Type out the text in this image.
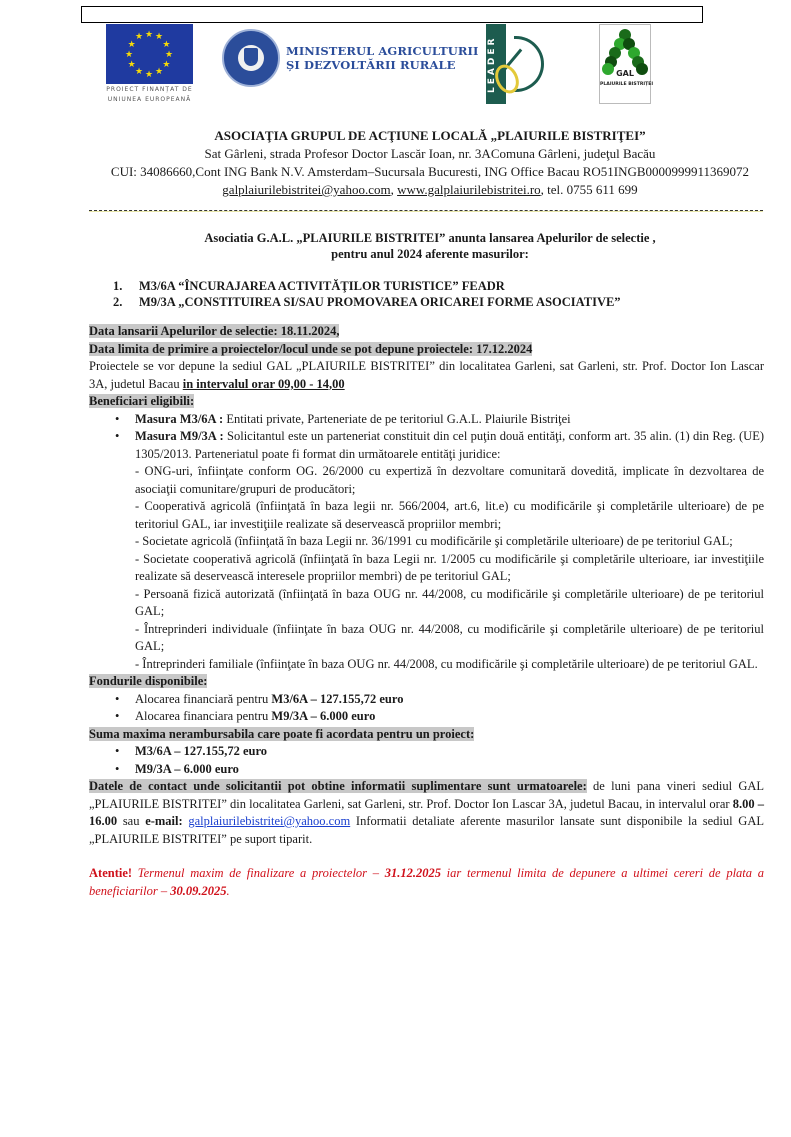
★ ★
★
★
★
★
★
★
★
★
★
★
PROIECT FINANȚAT DE
UNIUNEA EUROPEANĂ
MINISTERUL AGRICULTURII
ȘI DEZVOLTĂRII RURALE	LEADER	GAL
PLAIURILE BISTRIȚEI
ASOCIAŢIA GRUPUL DE ACŢIUNE LOCALĂ „PLAIURILE BISTRIŢEI”
Sat Gârleni, strada Profesor Doctor Lascăr Ioan, nr. 3AComuna Gârleni, judeţul Bacău
CUI: 34086660,Cont ING Bank N.V. Amsterdam–Sucursala Bucuresti, ING Office Bacau RO51INGB0000999911369072
galplaiurilebistritei@yahoo.com, www.galplaiurilebistritei.ro, tel. 0755 611 699
Asociatia G.A.L. „PLAIURILE BISTRITEI” anunta lansarea Apelurilor de selectie ,
pentru anul 2024 aferente masurilor:
1. M3/6A “ÎNCURAJAREA ACTIVITĂŢILOR TURISTICE” FEADR
2. M9/3A „CONSTITUIREA SI/SAU PROMOVAREA ORICAREI FORME ASOCIATIVE”
Data lansarii Apelurilor de selectie: 18.11.2024,
Data limita de primire a proiectelor/locul unde se pot depune proiectele: 17.12.2024
Proiectele se vor depune la sediul GAL „PLAIURILE BISTRITEI” din localitatea Garleni, sat Garleni, str. Prof. Doctor Ion Lascar 3A, judetul Bacau in intervalul orar 09,00 - 14,00
Beneficiari eligibili:
• Masura M3/6A : Entitati private, Parteneriate de pe teritoriul G.A.L. Plaiurile Bistriţei
• Masura M9/3A : Solicitantul este un parteneriat constituit din cel puţin două entităţi, conform art. 35 alin. (1) din Reg. (UE) 1305/2013. Parteneriatul poate fi format din următoarele entităţi juridice:
- ONG-uri, înfiinţate conform OG. 26/2000 cu expertiză în dezvoltare comunitară dovedită, implicate în dezvoltarea de asociaţii comunitare/grupuri de producători;
- Cooperativă agricolă (înfiinţată în baza legii nr. 566/2004, art.6, lit.e) cu modificările şi completările ulterioare) de pe teritoriul GAL, iar investiţiile realizate să deservească propriilor membri;
- Societate agricolă (înfiinţată în baza Legii nr. 36/1991 cu modificările şi completările ulterioare) de pe teritoriul GAL;
- Societate cooperativă agricolă (înfiinţată în baza Legii nr. 1/2005 cu modificările şi completările ulterioare, iar investiţiile realizate să deservească interesele propriilor membri) de pe teritoriul GAL;
- Persoană fizică autorizată (înfiinţată în baza OUG nr. 44/2008, cu modificările şi completările ulterioare) de pe teritoriul GAL;
- Întreprinderi individuale (înfiinţate în baza OUG nr. 44/2008, cu modificările şi completările ulterioare) de pe teritoriul GAL;
- Întreprinderi familiale (înfiinţate în baza OUG nr. 44/2008, cu modificările şi completările ulterioare) de pe teritoriul GAL.
Fondurile disponibile:
• Alocarea financiară pentru M3/6A – 127.155,72 euro
• Alocarea financiara pentru M9/3A – 6.000 euro
Suma maxima nerambursabila care poate fi acordata pentru un proiect:
• M3/6A – 127.155,72 euro
• M9/3A – 6.000 euro
Datele de contact unde solicitantii pot obtine informatii suplimentare sunt urmatoarele: de luni pana vineri sediul GAL „PLAIURILE BISTRITEI” din localitatea Garleni, sat Garleni, str. Prof. Doctor Ion Lascar 3A, judetul Bacau, in intervalul orar 8.00 – 16.00 sau e-mail: galplaiurilebistritei@yahoo.com Informatii detaliate aferente masurilor lansate sunt disponibile la sediul GAL „PLAIURILE BISTRITEI” pe suport tiparit.
Atentie! Termenul maxim de finalizare a proiectelor – 31.12.2025 iar termenul limita de depunere a ultimei cereri de plata a beneficiarilor – 30.09.2025.
